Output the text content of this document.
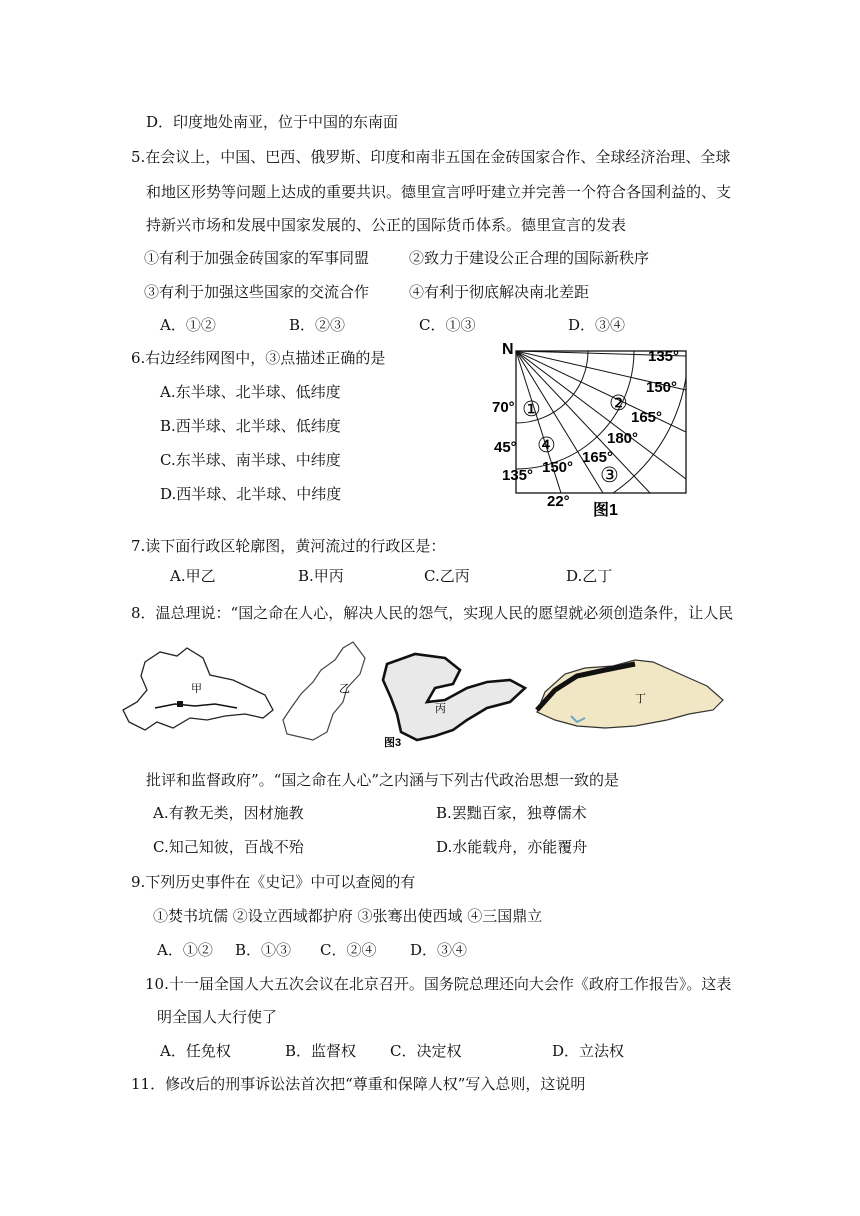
D．印度地处南亚，位于中国的东南面
5.在会议上，中国、巴西、俄罗斯、印度和南非五国在金砖国家合作、全球经济治理、全球
和地区形势等问题上达成的重要共识。德里宣言呼吁建立并完善一个符合各国利益的、支
持新兴市场和发展中国家发展的、公正的国际货币体系。德里宣言的发表
①有利于加强金砖国家的军事同盟	②致力于建设公正合理的国际新秩序
③有利于加强这些国家的交流合作	④有利于彻底解决南北差距
A．①②	B．②③	C．①③	D．③④
6.右边经纬网图中，③点描述正确的是
A.东半球、北半球、低纬度
B.西半球、北半球、低纬度
C.东半球、南半球、中纬度
D.西半球、北半球、中纬度
N	135°
150°
165°
180°
70°
45°
135° 150°
165°
22°
①	②
③
④
图1
7.读下面行政区轮廓图，黄河流过的行政区是：
A.甲乙	B.甲丙	C.乙丙	D.乙丁
8．温总理说：“国之命在人心，解决人民的怨气，实现人民的愿望就必须创造条件，让人民
甲	乙
丙
丁
图3
批评和监督政府”。“国之命在人心”之内涵与下列古代政治思想一致的是
A.有教无类，因材施教	B.罢黜百家，独尊儒术
C.知己知彼，百战不殆	D.水能载舟，亦能覆舟
9.下列历史事件在《史记》中可以查阅的有
①焚书坑儒 ②设立西域都护府 ③张骞出使西域 ④三国鼎立
A．①② B．①③ C．②④ D．③④
10.十一届全国人大五次会议在北京召开。国务院总理还向大会作《政府工作报告》。这表
明全国人大行使了
A．任免权	B．监督权 C．决定权	D．立法权
11．修改后的刑事诉讼法首次把“尊重和保障人权”写入总则，这说明
